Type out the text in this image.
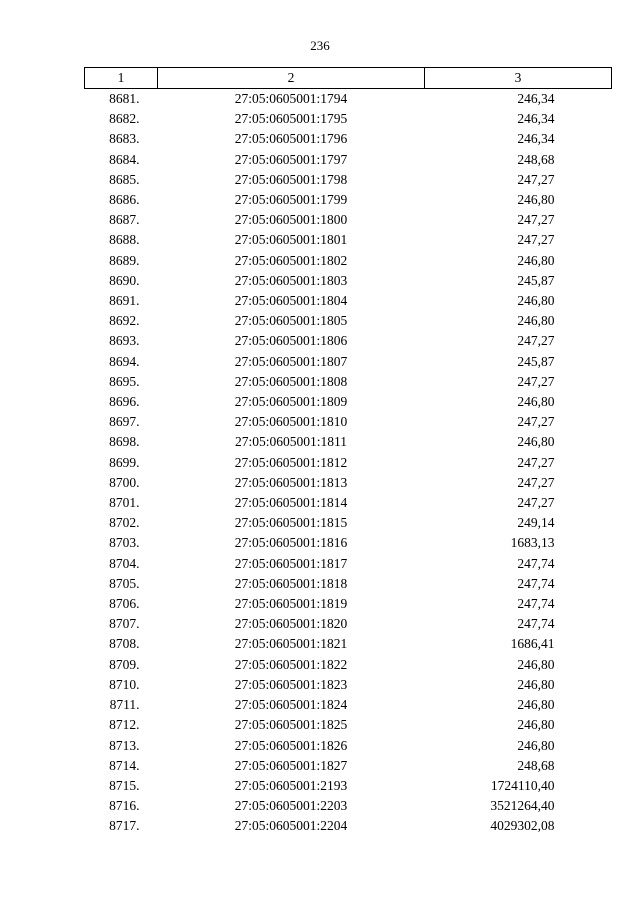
236
1	2	3
8681.	27:05:0605001:1794	246,34
8682.	27:05:0605001:1795	246,34
8683.	27:05:0605001:1796	246,34
8684.	27:05:0605001:1797	248,68
8685.	27:05:0605001:1798	247,27
8686.	27:05:0605001:1799	246,80
8687.	27:05:0605001:1800	247,27
8688.	27:05:0605001:1801	247,27
8689.	27:05:0605001:1802	246,80
8690.	27:05:0605001:1803	245,87
8691.	27:05:0605001:1804	246,80
8692.	27:05:0605001:1805	246,80
8693.	27:05:0605001:1806	247,27
8694.	27:05:0605001:1807	245,87
8695.	27:05:0605001:1808	247,27
8696.	27:05:0605001:1809	246,80
8697.	27:05:0605001:1810	247,27
8698.	27:05:0605001:1811	246,80
8699.	27:05:0605001:1812	247,27
8700.	27:05:0605001:1813	247,27
8701.	27:05:0605001:1814	247,27
8702.	27:05:0605001:1815	249,14
8703.	27:05:0605001:1816	1683,13
8704.	27:05:0605001:1817	247,74
8705.	27:05:0605001:1818	247,74
8706.	27:05:0605001:1819	247,74
8707.	27:05:0605001:1820	247,74
8708.	27:05:0605001:1821	1686,41
8709.	27:05:0605001:1822	246,80
8710.	27:05:0605001:1823	246,80
8711.	27:05:0605001:1824	246,80
8712.	27:05:0605001:1825	246,80
8713.	27:05:0605001:1826	246,80
8714.	27:05:0605001:1827	248,68
8715.	27:05:0605001:2193	1724110,40
8716.	27:05:0605001:2203	3521264,40
8717.	27:05:0605001:2204	4029302,08
